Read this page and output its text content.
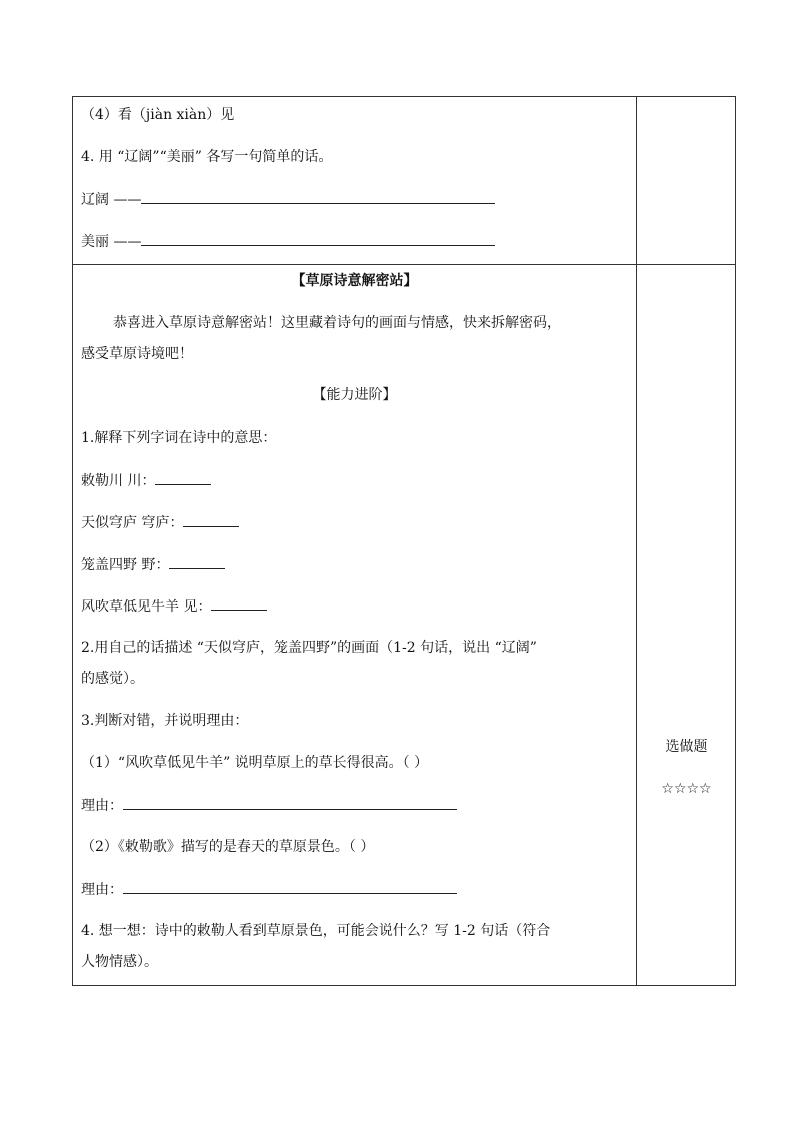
（4）看（jiàn xiàn）见
4. 用 “辽阔”“美丽” 各写一句简单的话。
辽阔 ——
美丽 ——
【草原诗意解密站】
恭喜进入草原诗意解密站！这里藏着诗句的画面与情感，快来拆解密码，
感受草原诗境吧！
【能力进阶】
1.解释下列字词在诗中的意思：
敕勒川 川：
天似穹庐 穹庐：
笼盖四野 野：
风吹草低见牛羊 见：
2.用自己的话描述 “天似穹庐，笼盖四野”的画面（1-2 句话，说出 “辽阔”
的感觉）。
3.判断对错，并说明理由：
（1）“风吹草低见牛羊” 说明草原上的草长得很高。（ ）
理由：
（2）《敕勒歌》描写的是春天的草原景色。（ ）
理由：
4. 想一想：诗中的敕勒人看到草原景色，可能会说什么？写 1-2 句话（符合
人物情感）。
选做题
☆☆☆☆
